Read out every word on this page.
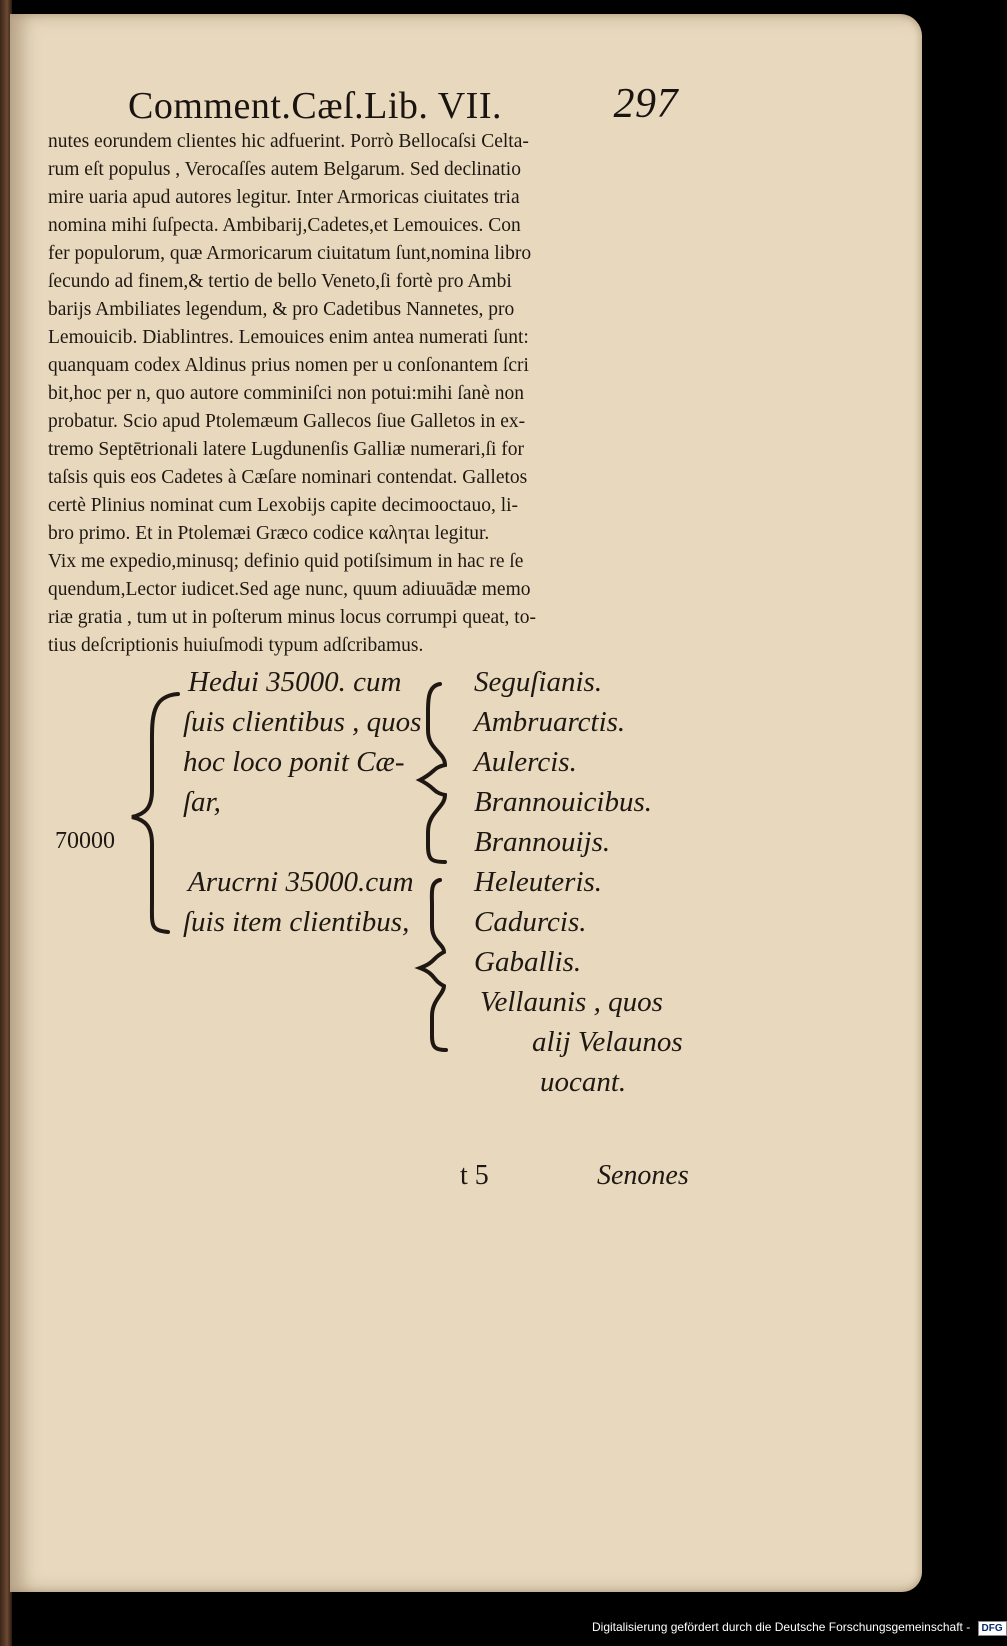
Comment.Cæſ.Lib. VII.	297
nutes eorundem clientes hic adfuerint. Porrò Bellocaſsi Celta-
rum eſt populus , Verocaſſes autem Belgarum. Sed declinatio
mire uaria apud autores legitur. Inter Armoricas ciuitates tria
nomina mihi ſuſpecta. Ambibarij,Cadetes,et Lemouices. Con
fer populorum, quæ Armoricarum ciuitatum ſunt,nomina libro
ſecundo ad finem,& tertio de bello Veneto,ſi fortè pro Ambi
barijs Ambiliates legendum, & pro Cadetibus Nannetes, pro
Lemouicib. Diablintres. Lemouices enim antea numerati ſunt:
quanquam codex Aldinus prius nomen per u conſonantem ſcri
bit,hoc per n, quo autore comminiſci non potui:mihi ſanè non
probatur. Scio apud Ptolemæum Gallecos ſiue Galletos in ex-
tremo Septētrionali latere Lugdunenſis Galliæ numerari,ſi for
taſsis quis eos Cadetes à Cæſare nominari contendat. Galletos
certè Plinius nominat cum Lexobijs capite decimooctauo, li-
bro primo. Et in Ptolemæi Græco codice καλητaι legitur.
Vix me expedio,minusq; definio quid potiſsimum in hac re ſe
quendum,Lector iudicet.Sed age nunc, quum adiuuādæ memo
riæ gratia , tum ut in poſterum minus locus corrumpi queat, to-
tius deſcriptionis huiuſmodi typum adſcribamus.
70000
Hedui 35000. cum
ſuis clientibus , quos
hoc loco ponit Cæ-
ſar,
Arucrni 35000.cum
ſuis item clientibus,
Seguſianis.
Ambruarctis.
Aulercis.
Brannouicibus.
Brannouijs.
Heleuteris.
Cadurcis.
Gaballis.
Vellaunis , quos
alij Velaunos
uocant.
t 5	Senones
Digitalisierung gefördert durch die Deutsche Forschungsgemeinschaft - DFG
